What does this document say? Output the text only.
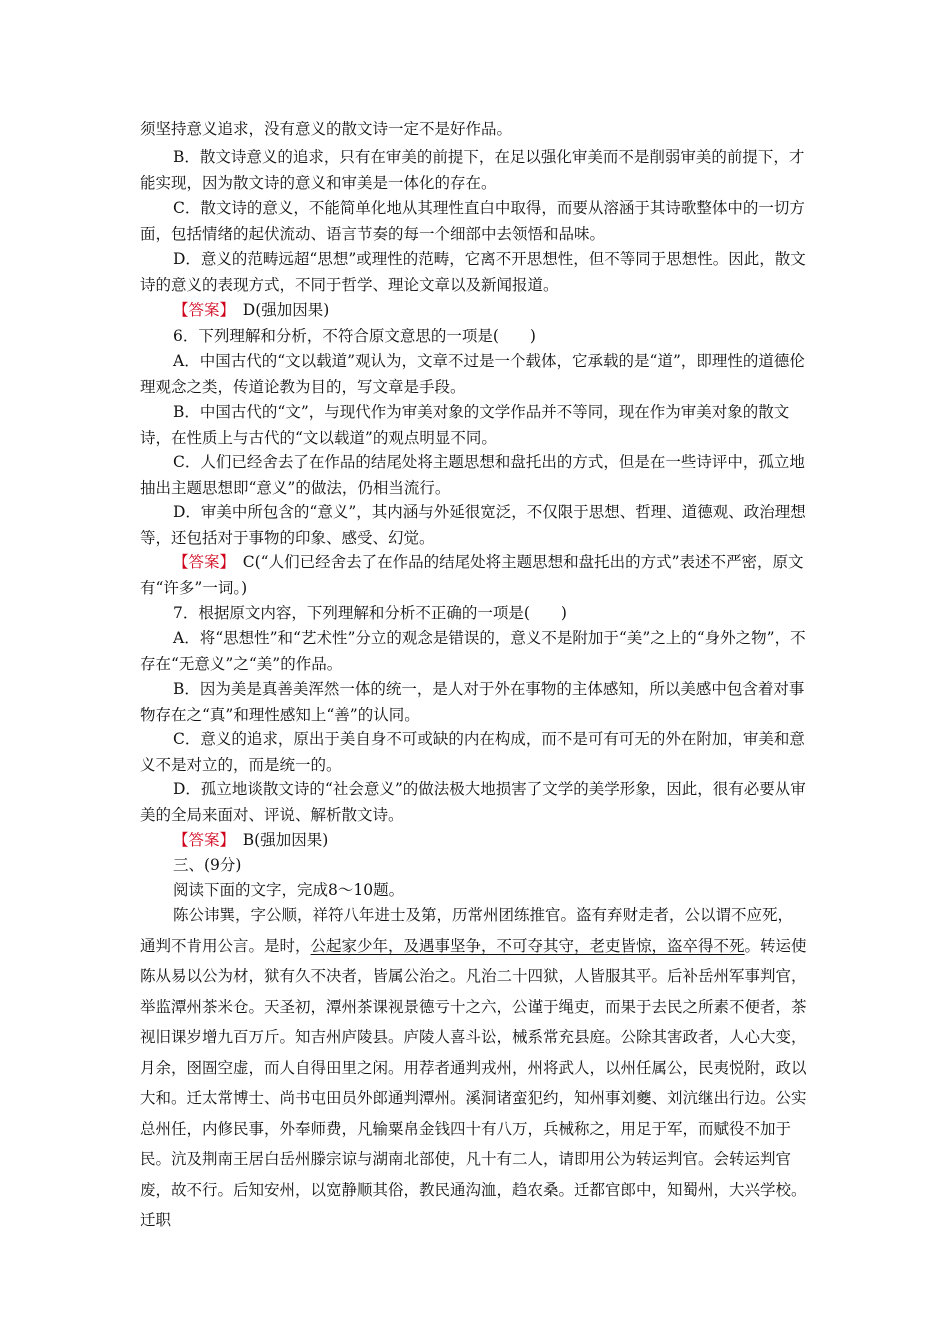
须坚持意义追求，没有意义的散文诗一定不是好作品。

B．散文诗意义的追求，只有在审美的前提下，在足以强化审美而不是削弱审美的前提下，才能实现，因为散文诗的意义和审美是一体化的存在。

C．散文诗的意义，不能简单化地从其理性直白中取得，而要从溶涵于其诗歌整体中的一切方面，包括情绪的起伏流动、语言节奏的每一个细部中去领悟和品味。

D．意义的范畴远超“思想”或理性的范畴，它离不开思想性，但不等同于思想性。因此，散文诗的意义的表现方式，不同于哲学、理论文章以及新闻报道。

【答案】　D(强加因果)

6．下列理解和分析，不符合原文意思的一项是(　　)

A．中国古代的“文以载道”观认为，文章不过是一个载体，它承载的是“道”，即理性的道德伦理观念之类，传道论教为目的，写文章是手段。

B．中国古代的“文”，与现代作为审美对象的文学作品并不等同，现在作为审美对象的散文诗，在性质上与古代的“文以载道”的观点明显不同。

C．人们已经舍去了在作品的结尾处将主题思想和盘托出的方式，但是在一些诗评中，孤立地抽出主题思想即“意义”的做法，仍相当流行。

D．审美中所包含的“意义”，其内涵与外延很宽泛，不仅限于思想、哲理、道德观、政治理想等，还包括对于事物的印象、感受、幻觉。

【答案】　C(“人们已经舍去了在作品的结尾处将主题思想和盘托出的方式”表述不严密，原文有“许多”一词。)

7．根据原文内容，下列理解和分析不正确的一项是(　　)

A．将“思想性”和“艺术性”分立的观念是错误的，意义不是附加于“美”之上的“身外之物”，不存在“无意义”之“美”的作品。

B．因为美是真善美浑然一体的统一，是人对于外在事物的主体感知，所以美感中包含着对事物存在之“真”和理性感知上“善”的认同。

C．意义的追求，原出于美自身不可或缺的内在构成，而不是可有可无的外在附加，审美和意义不是对立的，而是统一的。

D．孤立地谈散文诗的“社会意义”的做法极大地损害了文学的美学形象，因此，很有必要从审美的全局来面对、评说、解析散文诗。

【答案】　B(强加因果)

三、(9分)

阅读下面的文字，完成8～10题。

陈公讳巽，字公顺，祥符八年进士及第，历常州团练推官。盗有弃财走者，公以谓不应死，通判不肯用公言。是时，公起家少年，及遇事坚争，不可夺其守，老吏皆惊，盗卒得不死。转运使陈从易以公为材，狱有久不决者，皆属公治之。凡治二十四狱，人皆服其平。后补岳州军事判官，举监潭州茶米仓。天圣初，潭州茶课视景德亏十之六，公谨于绳吏，而果于去民之所素不便者，茶视旧课岁增九百万斤。知吉州庐陵县。庐陵人喜斗讼，械系常充县庭。公除其害政者，人心大变，月余，囹圄空虚，而人自得田里之闲。用荐者通判戎州，州将武人，以州任属公，民夷悦附，政以大和。迁太常博士、尚书屯田员外郎通判潭州。溪洞诸蛮犯约，知州事刘夔、刘沆继出行边。公实总州任，内修民事，外奉师费，凡输粟帛金钱四十有八万，兵械称之，用足于军，而赋役不加于民。沆及荆南王居白岳州滕宗谅与湖南北部使，凡十有二人，请即用公为转运判官。会转运判官废，故不行。后知安州，以宽静顺其俗，教民通沟洫，趋农桑。迁都官郎中，知蜀州，大兴学校。迁职
